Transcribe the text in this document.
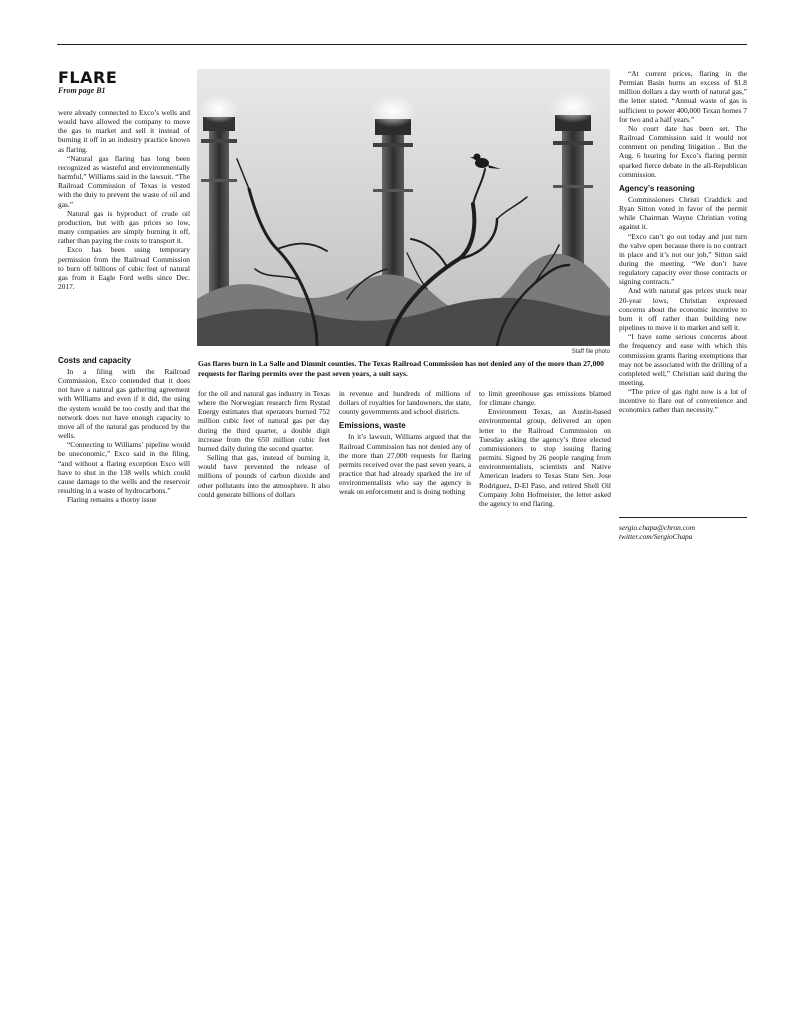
FLARE
From page B1

were already connected to Exco’s wells and would have allowed the company to move the gas to market and sell it instead of burning it off in an industry practice known as flaring.

“Natural gas flaring has long been recognized as wasteful and environmentally harmful,” Williams said in the lawsuit. “The Railroad Commission of Texas is vested with the duty to prevent the waste of oil and gas.”

Natural gas is byproduct of crude oil production, but with gas prices so low, many companies are simply burning it off, rather than paying the costs to transport it.

Exco has been using temporary permission from the Railroad Commission to burn off billions of cubic feet of natural gas from it Eagle Ford wells since Dec. 2017.

Costs and capacity

In a filing with the Railroad Commission, Exco contended that it does not have a natural gas gathering agreement with Williams and even if it did, the using the system would be too costly and that the network does not have enough capacity to move all of the natural gas produced by the wells.

“Connecting to Williams’ pipeline would be uneconomic,” Exco said in the filing, “and without a flaring exception Exco will have to shut in the 138 wells which could cause damage to the wells and the reservoir resulting in a waste of hydrocarbons.”

Flaring remains a thorny issue

Staff file photo
Gas flares burn in La Salle and Dimmit counties. The Texas Railroad Commission has not denied any of the more than 27,000 requests for flaring permits over the past seven years, a suit says.

for the oil and natural gas industry in Texas where the Norwegian research firm Rystad Energy estimates that operators burned 752 million cubic feet of natural gas per day during the third quarter, a double digit increase from the 650 million cubic feet burned daily during the second quarter.

Selling that gas, instead of burning it, would have prevented the release of millions of pounds of carbon dioxide and other pollutants into the atmosphere. It also could generate billions of dollars

in revenue and hundreds of millions of dollars of royalties for landowners, the state, county governments and school districts.

Emissions, waste

In it’s lawsuit, Williams argued that the Railroad Commission has not denied any of the more than 27,000 requests for flaring permits received over the past seven years, a practice that had already sparked the ire of environmentalists who say the agency is weak on enforcement and is doing nothing

to limit greenhouse gas emissions blamed for climate change.

Environment Texas, an Austin-based environmental group, delivered an open letter to the Railroad Commission on Tuesday asking the agency’s three elected commissioners to stop issuing flaring permits. Signed by 26 people ranging from environmentalists, scientists and Native American leaders to Texas State Sen. Jose Rodriguez, D-El Paso, and retired Shell Oil Company John Hofmeister, the letter asked the agency to end flaring.

“At current prices, flaring in the Permian Basin burns an excess of $1.8 million dollars a day worth of natural gas,” the letter stated. “Annual waste of gas is sufficient to power 400,000 Texan homes 7 for two and a half years.”

No court date has been set. The Railroad Commission said it would not comment on pending litigation . But the Aug. 6 hearing for Exco’s flaring permit sparked fierce debate in the all-Republican commission.

Agency’s reasoning

Commissioners Christi Craddick and Ryan Sitton voted in favor of the permit while Chairman Wayne Christian voting against it.

“Exco can’t go out today and just turn the valve open because there is no contract in place and it’s not our job,” Sitton said during the meeting. “We don’t have regulatory capacity over those contracts or signing contracts.”

And with natural gas prices stuck near 20-year lows, Christian expressed concerns about the economic incentive to burn it off rather than building new pipelines to move it to market and sell it.

“I have some serious concerns about the frequency and ease with which this commission grants flaring exemptions that may not be associated with the drilling of a completed well,” Christian said during the meeting.

“The price of gas right now is a lot of incentive to flare out of convenience and economics rather than necessity.”

sergio.chapa@chron.com
twitter.com/SergioChapa
